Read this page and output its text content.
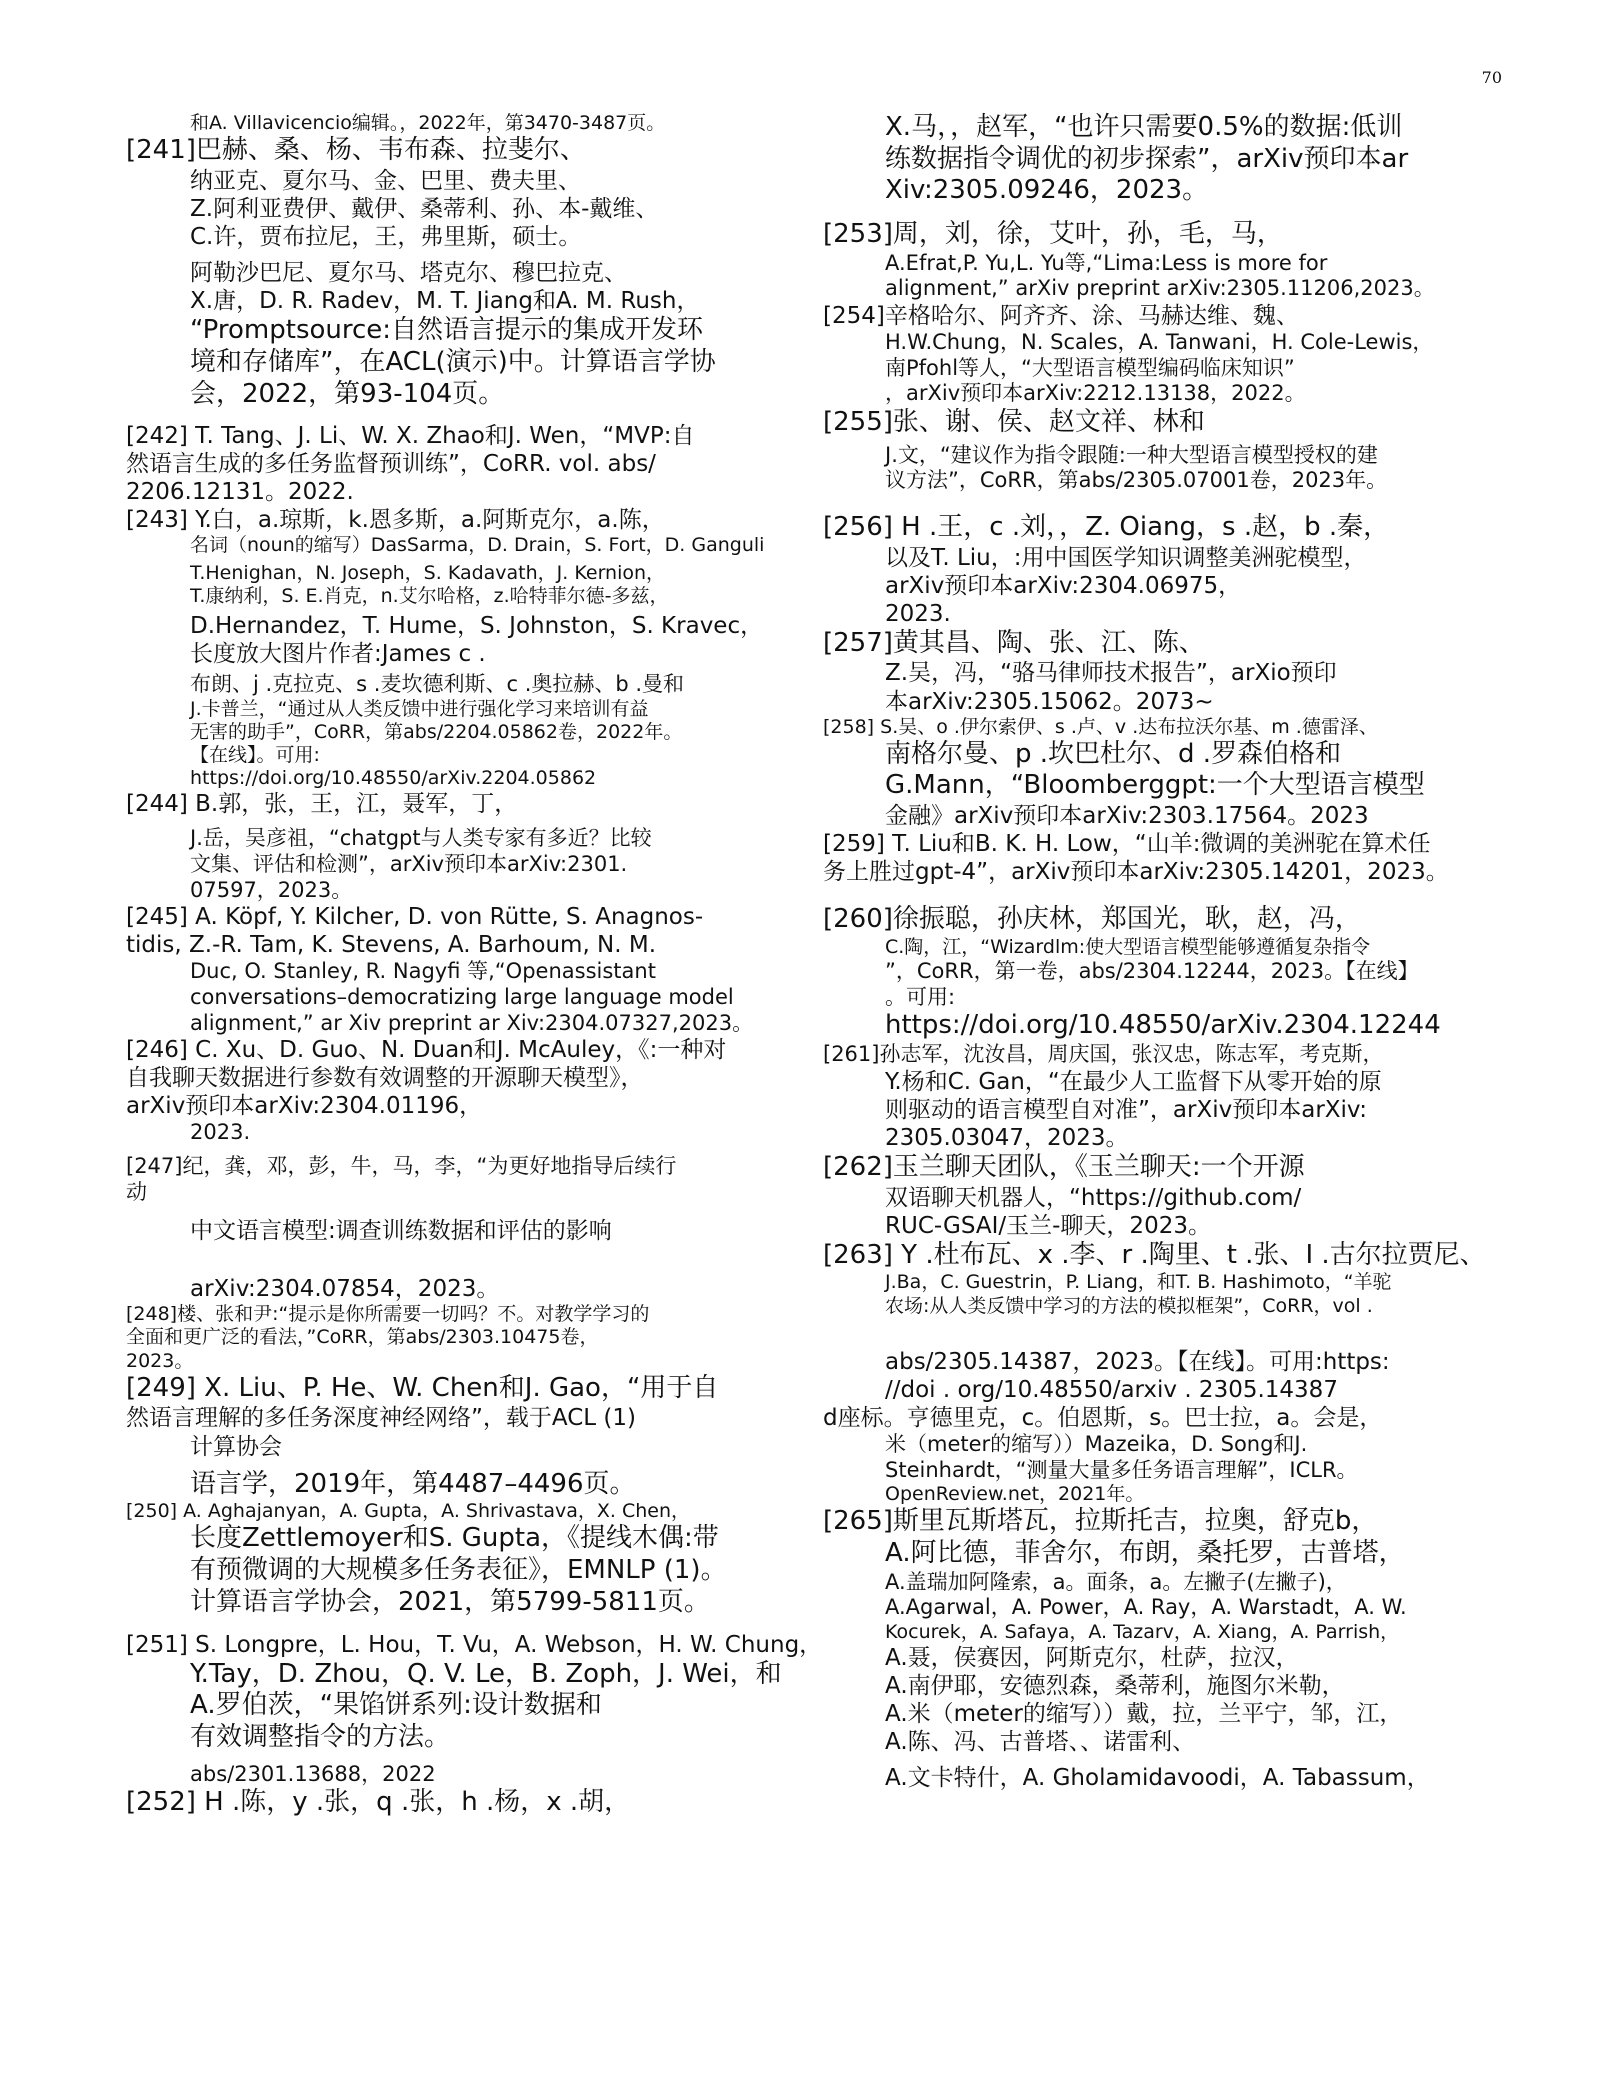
70
和A. Villavicencio编辑。，2022年，第3470-3487页。
[241]巴赫、桑、杨、韦布森、拉斐尔、
纳亚克、夏尔马、金、巴里、费夫里、
Z.阿利亚费伊、戴伊、桑蒂利、孙、本-戴维、
C.许，贾布拉尼，王，弗里斯，硕士。
阿勒沙巴尼、夏尔马、塔克尔、穆巴拉克、
X.唐，D. R. Radev，M. T. Jiang和A. M. Rush，
“Promptsource:自然语言提示的集成开发环
境和存储库”，在ACL(演示)中。计算语言学协
会，2022，第93-104页。
[242] T. Tang、J. Li、W. X. Zhao和J. Wen，“MVP:自
然语言生成的多任务监督预训练”，CoRR. vol. abs/
2206.12131。2022.
[243] Y.白，a.琼斯，k.恩多斯，a.阿斯克尔，a.陈，
名词（noun的缩写）DasSarma，D. Drain，S. Fort，D. Ganguli
T.Henighan，N. Joseph，S. Kadavath，J. Kernion，
T.康纳利，S. E.肖克，n.艾尔哈格，z.哈特菲尔德-多兹，
D.Hernandez，T. Hume，S. Johnston，S. Kravec，
长度放大图片作者:James c .
布朗、j .克拉克、s .麦坎德利斯、c .奥拉赫、b .曼和
J.卡普兰，“通过从人类反馈中进行强化学习来培训有益
无害的助手”，CoRR，第abs/2204.05862卷，2022年。
【在线】。可用:
https://doi.org/10.48550/arXiv.2204.05862
[244] B.郭，张，王，江，聂军，丁，
J.岳，吴彦祖，“chatgpt与人类专家有多近？比较
文集、评估和检测”，arXiv预印本arXiv:2301.
07597，2023。
[245] A. Köpf, Y. Kilcher, D. von Rütte, S. Anagnos-
tidis, Z.-R. Tam, K. Stevens, A. Barhoum, N. M.
Duc, O. Stanley, R. Nagyfi 等,“Openassistant
conversations–democratizing large language model
alignment,” ar Xiv preprint ar Xiv:2304.07327,2023。
[246] C. Xu、D. Guo、N. Duan和J. McAuley，《:一种对
自我聊天数据进行参数有效调整的开源聊天模型》，
arXiv预印本arXiv:2304.01196，
2023.
[247]纪，龚，邓，彭，牛，马，李，“为更好地指导后续行
动
中文语言模型:调查训练数据和评估的影响
arXiv:2304.07854，2023。
[248]楼、张和尹:“提示是你所需要一切吗？不。对教学学习的
全面和更广泛的看法，”CoRR，第abs/2303.10475卷，
2023。
[249] X. Liu、P. He、W. Chen和J. Gao，“用于自
然语言理解的多任务深度神经网络”，载于ACL (1)
计算协会
语言学，2019年，第4487–4496页。
[250] A. Aghajanyan，A. Gupta，A. Shrivastava，X. Chen，
长度Zettlemoyer和S. Gupta，《提线木偶:带
有预微调的大规模多任务表征》，EMNLP (1)。
计算语言学协会，2021，第5799-5811页。
[251] S. Longpre，L. Hou，T. Vu，A. Webson，H. W. Chung，
Y.Tay，D. Zhou，Q. V. Le，B. Zoph，J. Wei，和
A.罗伯茨，“果馅饼系列:设计数据和
有效调整指令的方法。
abs/2301.13688，2022
[252] H .陈，y .张，q .张，h .杨，x .胡，
X.马，，赵军，“也许只需要0.5%的数据:低训
练数据指令调优的初步探索”，arXiv预印本ar
Xiv:2305.09246，2023。
[253]周，刘，徐，艾叶，孙，毛，马，
A.Efrat,P. Yu,L. Yu等,“Lima:Less is more for
alignment,” arXiv preprint arXiv:2305.11206,2023。
[254]辛格哈尔、阿齐齐、涂、马赫达维、魏、
H.W.Chung，N. Scales，A. Tanwani，H. Cole-Lewis，
南Pfohl等人，“大型语言模型编码临床知识”
，arXiv预印本arXiv:2212.13138，2022。
[255]张、谢、侯、赵文祥、林和
J.文，“建议作为指令跟随:一种大型语言模型授权的建
议方法”，CoRR，第abs/2305.07001卷，2023年。
[256] H .王，c .刘，，Z. Oiang，s .赵，b .秦，
以及T. Liu，:用中国医学知识调整美洲驼模型，
arXiv预印本arXiv:2304.06975，
2023.
[257]黄其昌、陶、张、江、陈、
Z.吴，冯，“骆马律师技术报告”，arXio预印
本arXiv:2305.15062。2073~
[258] S.吴、o .伊尔索伊、s .卢、v .达布拉沃尔基、m .德雷泽、
南格尔曼、p .坎巴杜尔、d .罗森伯格和
G.Mann，“Bloomberggpt:一个大型语言模型
金融》arXiv预印本arXiv:2303.17564。2023
[259] T. Liu和B. K. H. Low，“山羊:微调的美洲驼在算术任
务上胜过gpt-4”，arXiv预印本arXiv:2305.14201，2023。
[260]徐振聪，孙庆林，郑国光，耿，赵，冯，
C.陶，江，“Wizardlm:使大型语言模型能够遵循复杂指令
”，CoRR，第一卷，abs/2304.12244，2023。【在线】
。可用:
https://doi.org/10.48550/arXiv.2304.12244
[261]孙志军，沈汝昌，周庆国，张汉忠，陈志军，考克斯，
Y.杨和C. Gan，“在最少人工监督下从零开始的原
则驱动的语言模型自对准”，arXiv预印本arXiv:
2305.03047，2023。
[262]玉兰聊天团队，《玉兰聊天:一个开源
双语聊天机器人，“https://github.com/
RUC-GSAI/玉兰-聊天，2023。
[263] Y .杜布瓦、x .李、r .陶里、t .张、I .古尔拉贾尼、
J.Ba，C. Guestrin，P. Liang，和T. B. Hashimoto，“羊驼
农场:从人类反馈中学习的方法的模拟框架”，CoRR，vol .
abs/2305.14387，2023。【在线】。可用:https:
//doi . org/10.48550/arxiv . 2305.14387
d座标。亨德里克，c。伯恩斯，s。巴士拉，a。会是，
米（meter的缩写））Mazeika，D. Song和J.
Steinhardt，“测量大量多任务语言理解”，ICLR。
OpenReview.net，2021年。
[265]斯里瓦斯塔瓦，拉斯托吉，拉奥，舒克b，
A.阿比德，菲舍尔，布朗，桑托罗，古普塔，
A.盖瑞加阿隆索，a。面条，a。左撇子(左撇子)，
A.Agarwal，A. Power，A. Ray，A. Warstadt，A. W.
Kocurek，A. Safaya，A. Tazarv，A. Xiang，A. Parrish，
A.聂，侯赛因，阿斯克尔，杜萨，拉汉，
A.南伊耶，安德烈森，桑蒂利，施图尔米勒，
A.米（meter的缩写））戴，拉，兰平宁，邹，江，
A.陈、冯、古普塔、、诺雷利、
A.文卡特什，A. Gholamidavoodi，A. Tabassum，
